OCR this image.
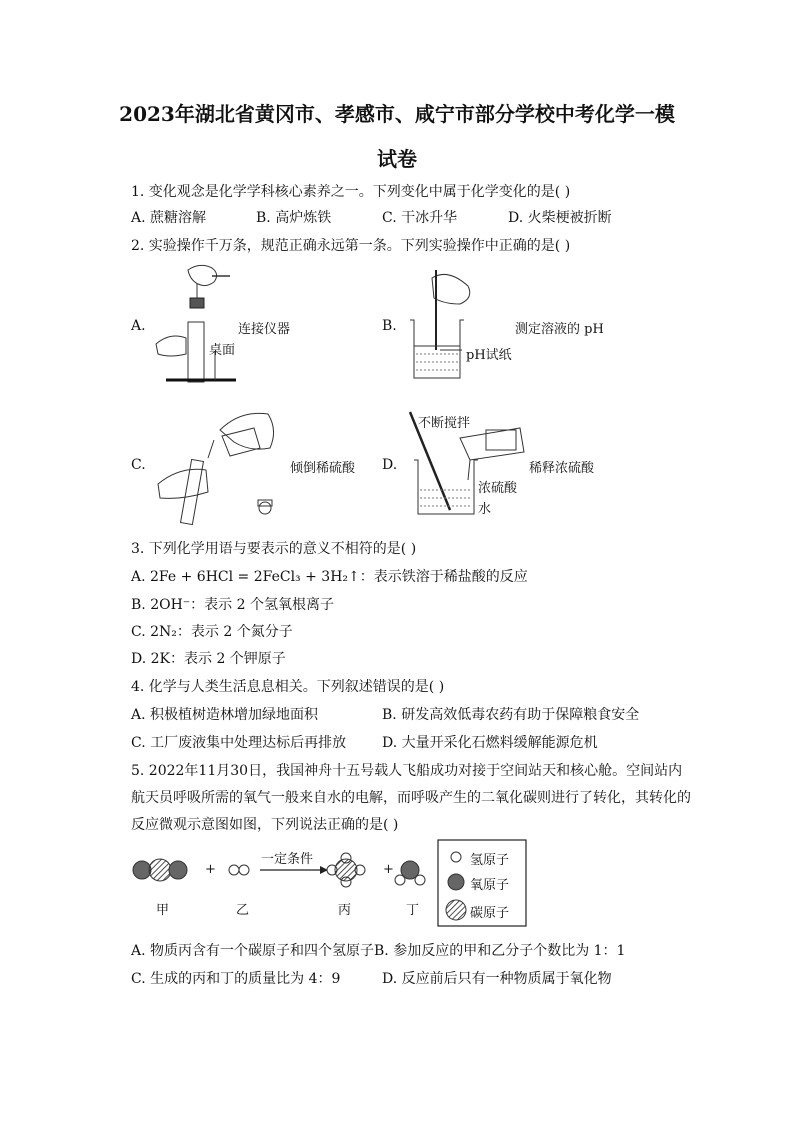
2023年湖北省黄冈市、孝感市、咸宁市部分学校中考化学一模
试卷
1. 变化观念是化学学科核心素养之一。下列变化中属于化学变化的是( )
A. 蔗糖溶解	B. 高炉炼铁	C. 干冰升华	D. 火柴梗被折断
2. 实验操作千万条，规范正确永远第一条。下列实验操作中正确的是( )
A.
桌面
连接仪器	B.
pH试纸
测定溶液的 pH
C.	倾倒稀硫酸 D.
不断搅拌
稀释浓硫酸
浓硫酸
水
3. 下列化学用语与要表示的意义不相符的是( )
A. 2Fe + 6HCl = 2FeCl₃ + 3H₂↑：表示铁溶于稀盐酸的反应
B. 2OH⁻：表示 2 个氢氧根离子
C. 2N₂：表示 2 个氮分子
D. 2K：表示 2 个钾原子
4. 化学与人类生活息息相关。下列叙述错误的是( )
A. 积极植树造林增加绿地面积	B. 研发高效低毒农药有助于保障粮食安全
C. 工厂废液集中处理达标后再排放	D. 大量开采化石燃料缓解能源危机
5. 2022年11月30日，我国神舟十五号载人飞船成功对接于空间站天和核心舱。空间站内
航天员呼吸所需的氧气一般来自水的电解，而呼吸产生的二氧化碳则进行了转化，其转化的
反应微观示意图如图，下列说法正确的是( )
+	+
一定条件
甲	乙	丙	丁
氢原子
氧原子
碳原子
A. 物质丙含有一个碳原子和四个氢原子 B. 参加反应的甲和乙分子个数比为 1：1
C. 生成的丙和丁的质量比为 4：9	D. 反应前后只有一种物质属于氧化物
